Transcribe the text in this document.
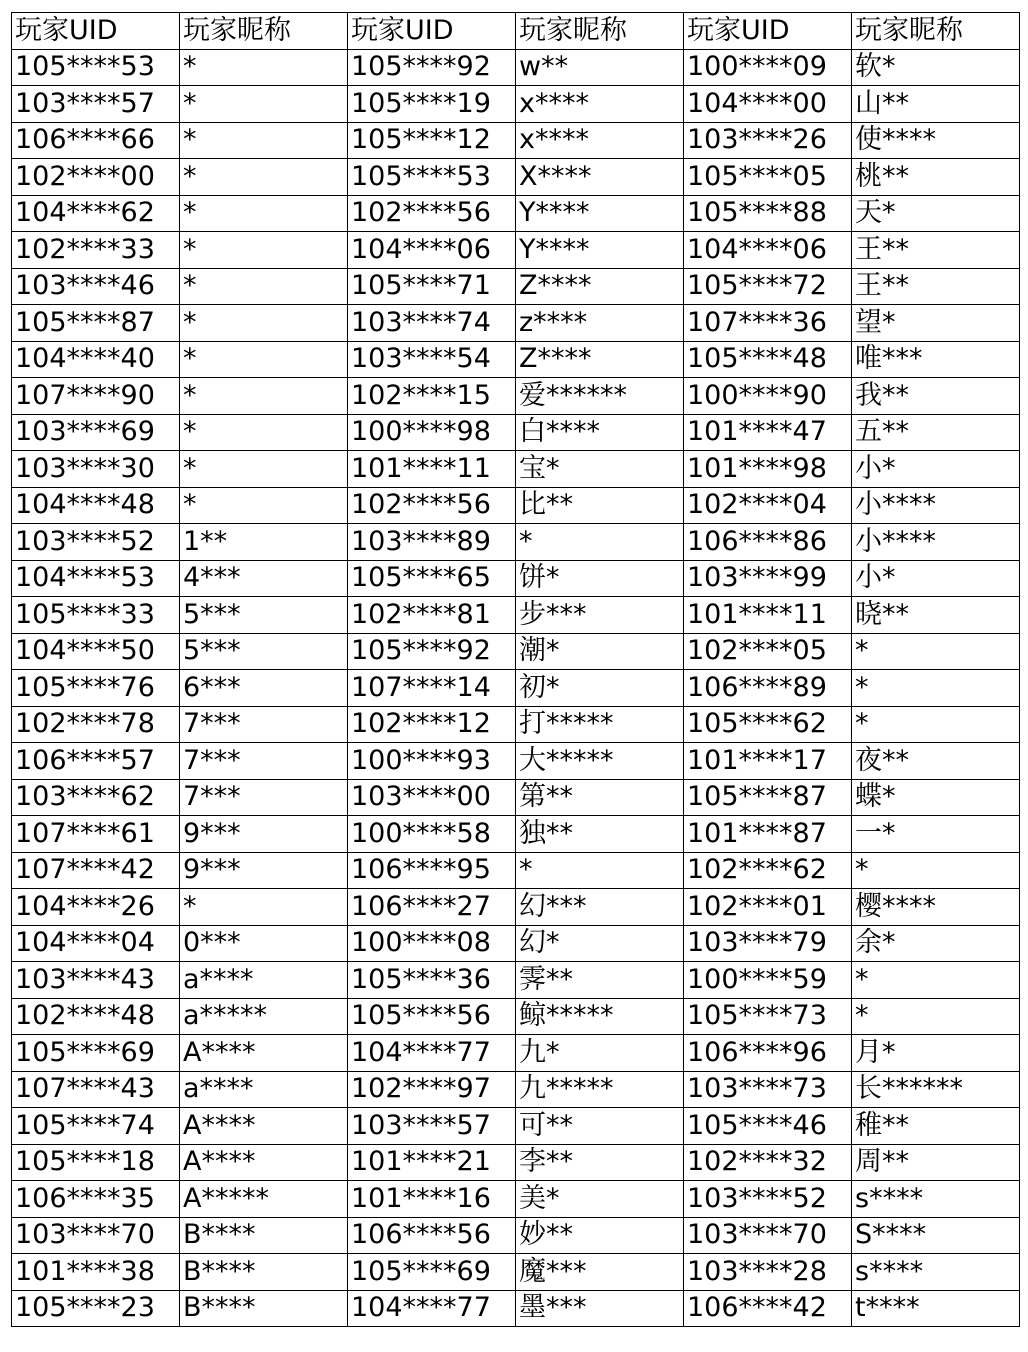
玩家UID	玩家昵称	玩家UID	玩家昵称	玩家UID	玩家昵称
105****53	*	105****92	w**	100****09	软*
103****57	*	105****19	x****	104****00	山**
106****66	*	105****12	x****	103****26	使****
102****00	*	105****53	X****	105****05	桃**
104****62	*	102****56	Y****	105****88	天*
102****33	*	104****06	Y****	104****06	王**
103****46	*	105****71	Z****	105****72	王**
105****87	*	103****74	z****	107****36	望*
104****40	*	103****54	Z****	105****48	唯***
107****90	*	102****15	爱******	100****90	我**
103****69	*	100****98	白****	101****47	五**
103****30	*	101****11	宝*	101****98	小*
104****48	*	102****56	比**	102****04	小****
103****52	1**	103****89	*	106****86	小****
104****53	4***	105****65	饼*	103****99	小*
105****33	5***	102****81	步***	101****11	晓**
104****50	5***	105****92	潮*	102****05	*
105****76	6***	107****14	初*	106****89	*
102****78	7***	102****12	打*****	105****62	*
106****57	7***	100****93	大*****	101****17	夜**
103****62	7***	103****00	第**	105****87	蝶*
107****61	9***	100****58	独**	101****87	一*
107****42	9***	106****95	*	102****62	*
104****26	*	106****27	幻***	102****01	樱****
104****04	0***	100****08	幻*	103****79	余*
103****43	a****	105****36	霁**	100****59	*
102****48	a*****	105****56	鲸*****	105****73	*
105****69	A****	104****77	九*	106****96	月*
107****43	a****	102****97	九*****	103****73	长******
105****74	A****	103****57	可**	105****46	稚**
105****18	A****	101****21	李**	102****32	周**
106****35	A*****	101****16	美*	103****52	s****
103****70	B****	106****56	妙**	103****70	S****
101****38	B****	105****69	魔***	103****28	s****
105****23	B****	104****77	墨***	106****42	t****
